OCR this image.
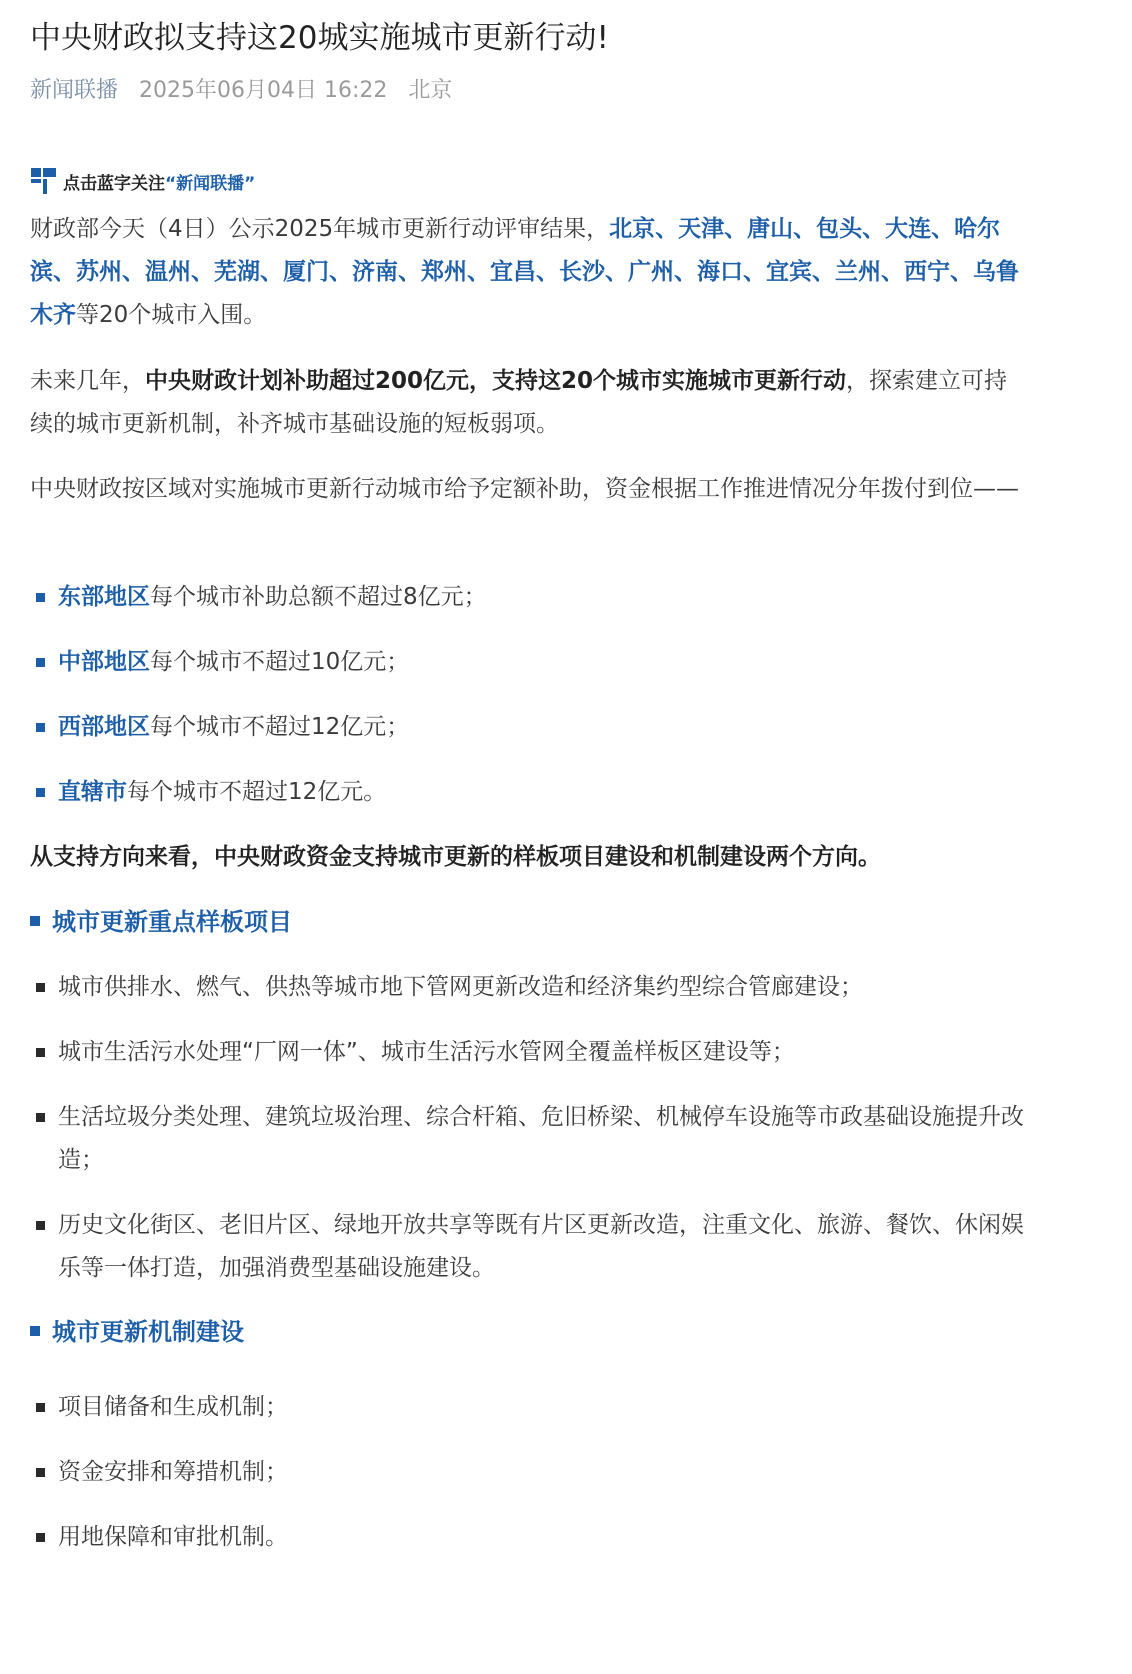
中央财政拟支持这20城实施城市更新行动!
新闻联播 2025年06月04日 16:22 北京
点击蓝字关注 “新闻联播”

财政部今天（4日）公示2025年城市更新行动评审结果，北京、天津、唐山、包头、大连、哈尔滨、苏州、温州、芜湖、厦门、济南、郑州、宜昌、长沙、广州、海口、宜宾、兰州、西宁、乌鲁木齐等20个城市入围。

未来几年，中央财政计划补助超过200亿元，支持这20个城市实施城市更新行动，探索建立可持续的城市更新机制，补齐城市基础设施的短板弱项。

中央财政按区域对实施城市更新行动城市给予定额补助，资金根据工作推进情况分年拨付到位——

东部地区每个城市补助总额不超过8亿元；
中部地区每个城市不超过10亿元；
西部地区每个城市不超过12亿元；
直辖市每个城市不超过12亿元。

从支持方向来看，中央财政资金支持城市更新的样板项目建设和机制建设两个方向。

城市更新重点样板项目
城市供排水、燃气、供热等城市地下管网更新改造和经济集约型综合管廊建设；
城市生活污水处理“厂网一体”、城市生活污水管网全覆盖样板区建设等；
生活垃圾分类处理、建筑垃圾治理、综合杆箱、危旧桥梁、机械停车设施等市政基础设施提升改造；
历史文化街区、老旧片区、绿地开放共享等既有片区更新改造，注重文化、旅游、餐饮、休闲娱乐等一体打造，加强消费型基础设施建设。
城市更新机制建设
项目储备和生成机制；
资金安排和筹措机制；
用地保障和审批机制。
